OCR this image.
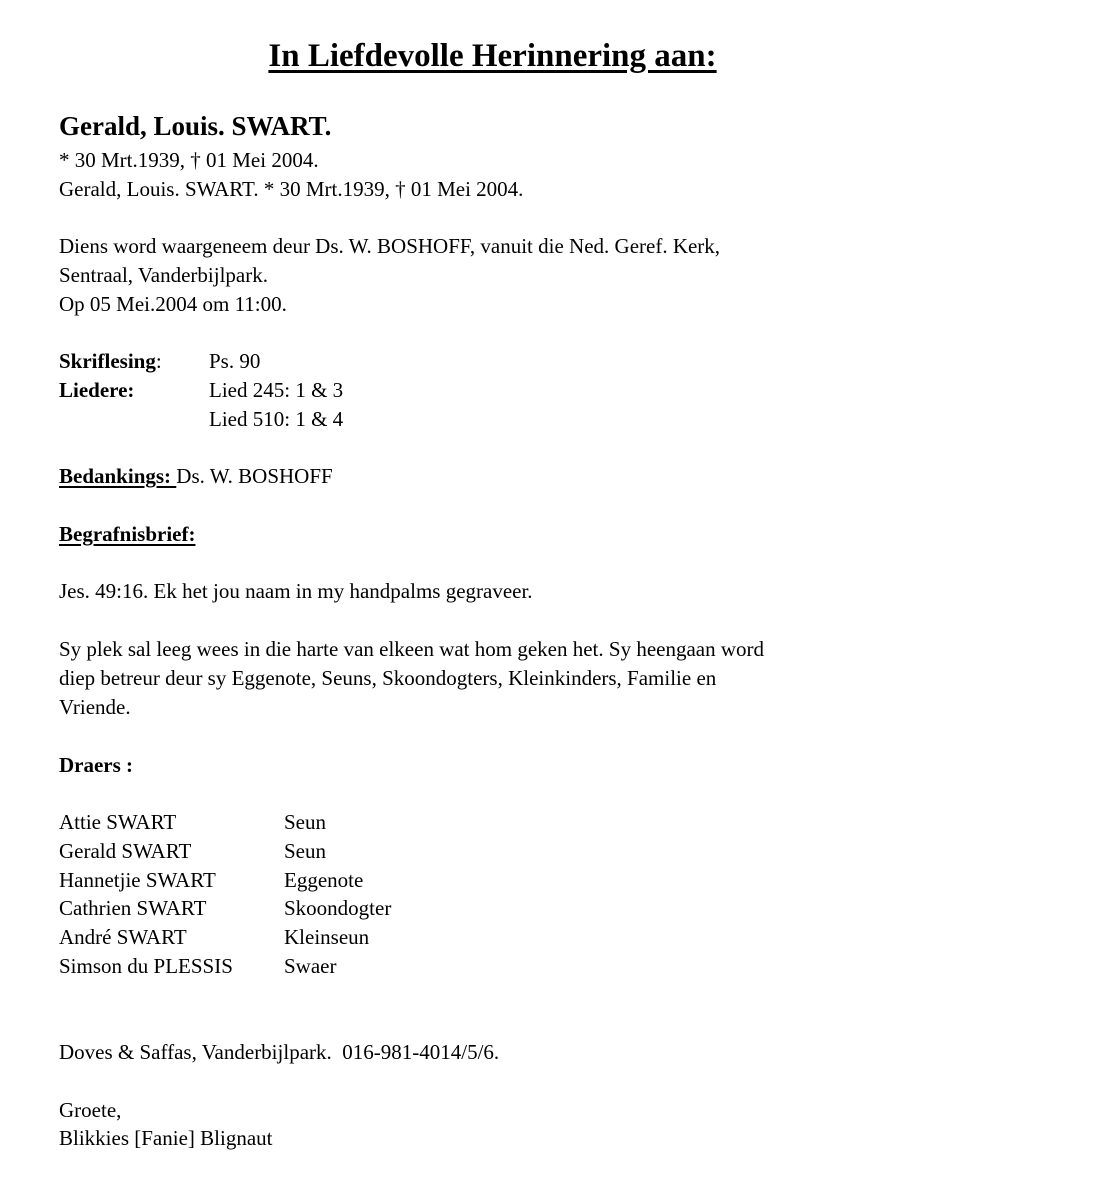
In Liefdevolle Herinnering aan:
Gerald, Louis. SWART.
* 30 Mrt.1939, † 01 Mei 2004.
Gerald, Louis. SWART. * 30 Mrt.1939, † 01 Mei 2004.
Diens word waargeneem deur Ds. W. BOSHOFF, vanuit die Ned. Geref. Kerk,
Sentraal, Vanderbijlpark.
Op 05 Mei.2004 om 11:00.
Skriflesing: Ps. 90
Liedere:	Lied 245: 1 & 3
Lied 510: 1 & 4
Bedankings: Ds. W. BOSHOFF
Begrafnisbrief:
Jes. 49:16. Ek het jou naam in my handpalms gegraveer.
Sy plek sal leeg wees in die harte van elkeen wat hom geken het. Sy heengaan word
diep betreur deur sy Eggenote, Seuns, Skoondogters, Kleinkinders, Familie en
Vriende.
Draers :
Attie SWART	Seun
Gerald SWART	Seun
Hannetjie SWART	Eggenote
Cathrien SWART	Skoondogter
André SWART	Kleinseun
Simson du PLESSIS Swaer
Doves & Saffas, Vanderbijlpark.  016-981-4014/5/6.
Groete,
Blikkies [Fanie] Blignaut
